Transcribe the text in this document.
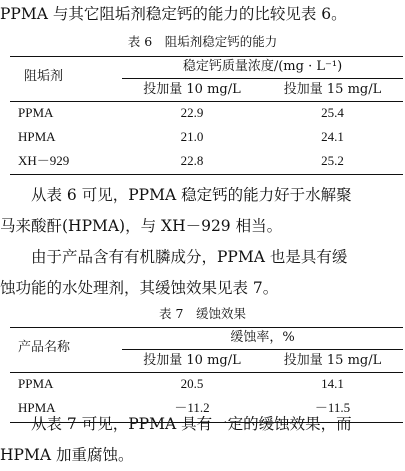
PPMA 与其它阻垢剂稳定钙的能力的比较见表 6。

表 6　阻垢剂稳定钙的能力
阻垢剂
稳定钙质量浓度/(mg · L⁻¹)
投加量 10 mg/L	投加量 15 mg/L
PPMA	22.9	25.4
HPMA	21.0	24.1
XH－929	22.8	25.2

　　从表 6 可见，PPMA 稳定钙的能力好于水解聚
马来酸酐(HPMA)，与 XH－929 相当。

　　由于产品含有有机膦成分，PPMA 也是具有缓
蚀功能的水处理剂，其缓蚀效果见表 7。

表 7　缓蚀效果
产品名称
缓蚀率，%
投加量 10 mg/L	投加量 15 mg/L
PPMA	20.5	14.1
HPMA	－11.2	－11.5

　　从表 7 可见，PPMA 具有一定的缓蚀效果，而
HPMA 加重腐蚀。
